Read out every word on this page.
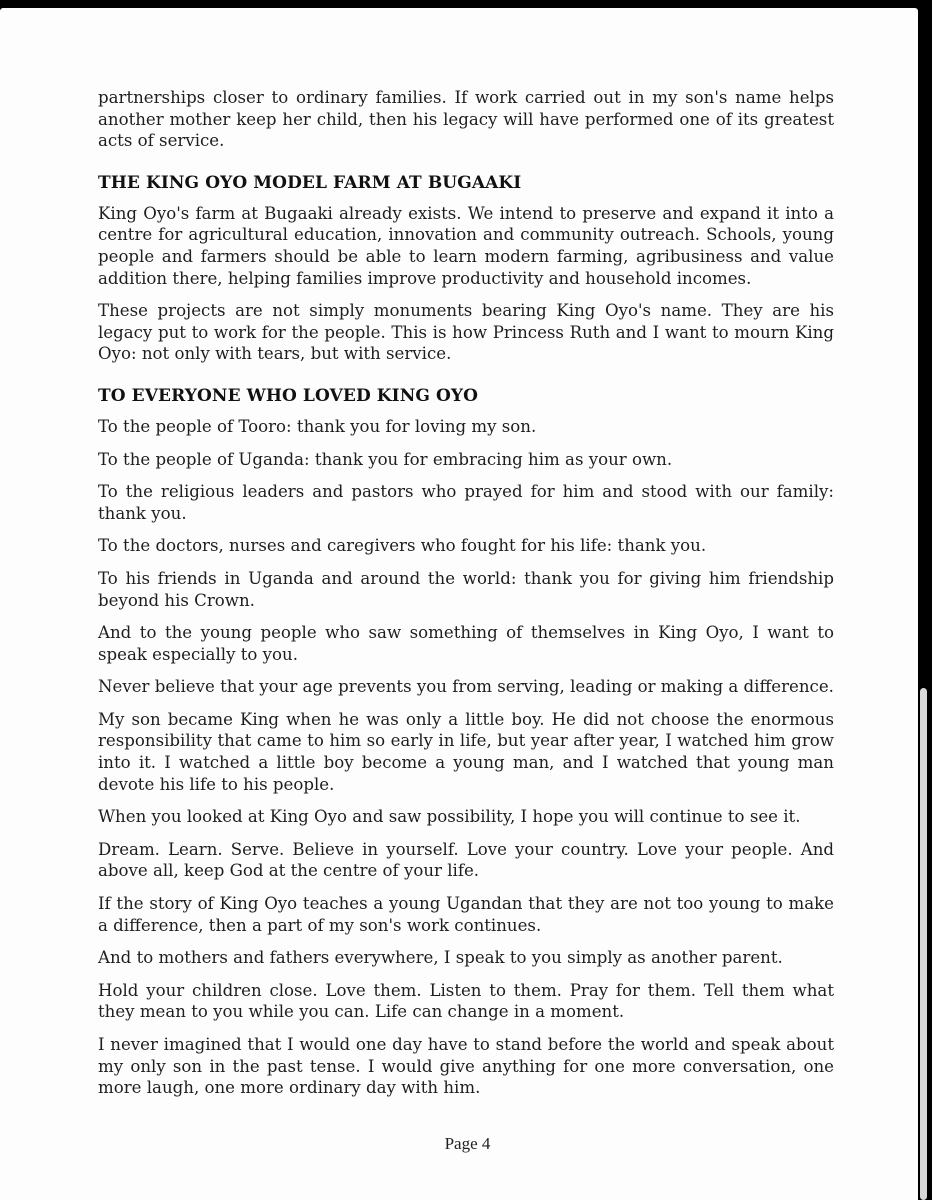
partnerships closer to ordinary families. If work carried out in my son's name helps another mother keep her child, then his legacy will have performed one of its greatest acts of service.

THE KING OYO MODEL FARM AT BUGAAKI

King Oyo's farm at Bugaaki already exists. We intend to preserve and expand it into a centre for agricultural education, innovation and community outreach. Schools, young people and farmers should be able to learn modern farming, agribusiness and value addition there, helping families improve productivity and household incomes.

These projects are not simply monuments bearing King Oyo's name. They are his legacy put to work for the people. This is how Princess Ruth and I want to mourn King Oyo: not only with tears, but with service.

TO EVERYONE WHO LOVED KING OYO

To the people of Tooro: thank you for loving my son.

To the people of Uganda: thank you for embracing him as your own.

To the religious leaders and pastors who prayed for him and stood with our family: thank you.

To the doctors, nurses and caregivers who fought for his life: thank you.

To his friends in Uganda and around the world: thank you for giving him friendship beyond his Crown.

And to the young people who saw something of themselves in King Oyo, I want to speak especially to you.

Never believe that your age prevents you from serving, leading or making a difference.

My son became King when he was only a little boy. He did not choose the enormous responsibility that came to him so early in life, but year after year, I watched him grow into it. I watched a little boy become a young man, and I watched that young man devote his life to his people.

When you looked at King Oyo and saw possibility, I hope you will continue to see it.

Dream. Learn. Serve. Believe in yourself. Love your country. Love your people. And above all, keep God at the centre of your life.

If the story of King Oyo teaches a young Ugandan that they are not too young to make a difference, then a part of my son's work continues.

And to mothers and fathers everywhere, I speak to you simply as another parent.

Hold your children close. Love them. Listen to them. Pray for them. Tell them what they mean to you while you can. Life can change in a moment.

I never imagined that I would one day have to stand before the world and speak about my only son in the past tense. I would give anything for one more conversation, one more laugh, one more ordinary day with him.

Page 4
